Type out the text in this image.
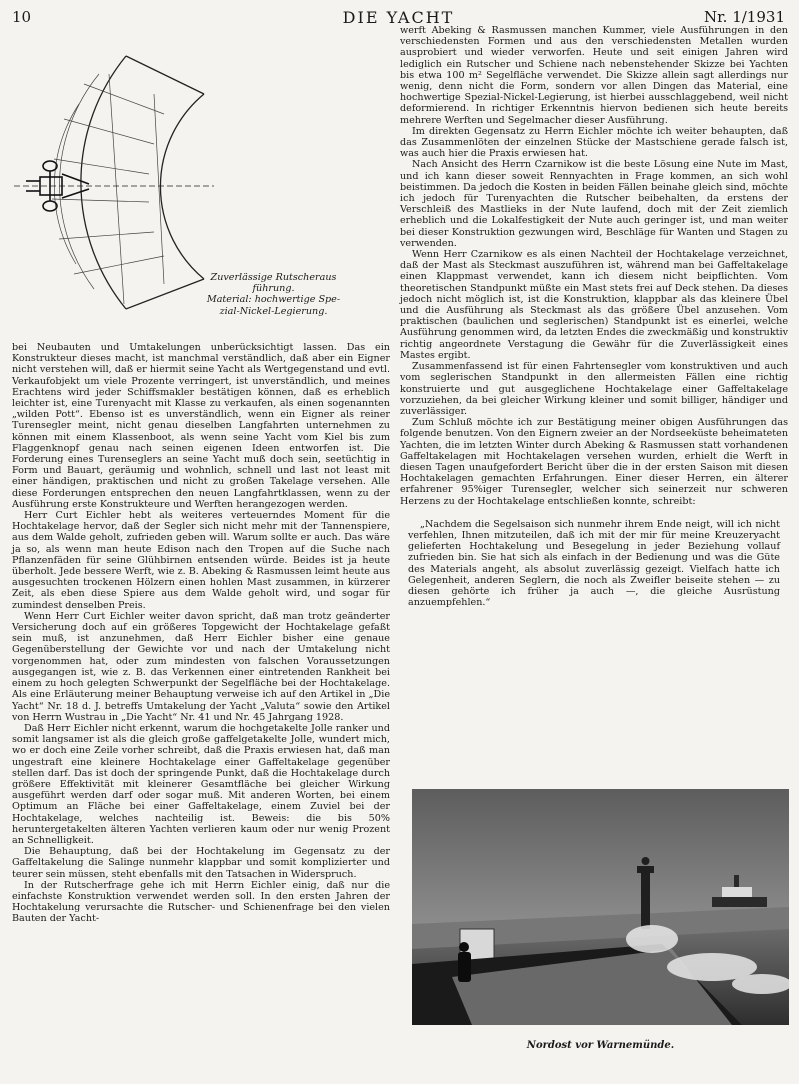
10	DIE YACHT	Nr. 1/1931
Zuverlässige Rutscheraus
führung.
Material: hochwertige Spe-
zial-Nickel-Legierung.

bei Neubauten und Umtakelungen unberücksichtigt lassen. Das ein Konstrukteur dieses macht, ist manchmal verständlich, daß aber ein Eigner nicht verstehen will, daß er hiermit seine Yacht als Wertgegenstand und evtl. Verkaufobjekt um viele Prozente verringert, ist unverständlich, und meines Erachtens wird jeder Schiffsmakler bestätigen können, daß es erheblich leichter ist, eine Turenyacht mit Klasse zu verkaufen, als einen sogenannten „wilden Pott“. Ebenso ist es unverständlich, wenn ein Eigner als reiner Turensegler meint, nicht genau dieselben Langfahrten unternehmen zu können mit einem Klassenboot, als wenn seine Yacht vom Kiel bis zum Flaggenknopf genau nach seinen eigenen Ideen entworfen ist. Die Forderung eines Turenseglers an seine Yacht muß doch sein, seetüchtig in Form und Bauart, geräumig und wohnlich, schnell und last not least mit einer händigen, praktischen und nicht zu großen Takelage versehen. Alle diese Forderungen entsprechen den neuen Langfahrtklassen, wenn zu der Ausführung erste Konstrukteure und Werften herangezogen werden.

Herr Curt Eichler hebt als weiteres verteuerndes Moment für die Hochtakelage hervor, daß der Segler sich nicht mehr mit der Tannenspiere, aus dem Walde geholt, zufrieden geben will. Warum sollte er auch. Das wäre ja so, als wenn man heute Edison nach den Tropen auf die Suche nach Pflanzenfäden für seine Glühbirnen entsenden würde. Beides ist ja heute überholt. Jede bessere Werft, wie z. B. Abeking & Rasmussen leimt heute aus ausgesuchten trockenen Hölzern einen hohlen Mast zusammen, in kürzerer Zeit, als eben diese Spiere aus dem Walde geholt wird, und sogar für zumindest denselben Preis.

Wenn Herr Curt Eichler weiter davon spricht, daß man trotz geänderter Versicherung doch auf ein größeres Topgewicht der Hochtakelage gefaßt sein muß, ist anzunehmen, daß Herr Eichler bisher eine genaue Gegenüberstellung der Gewichte vor und nach der Umtakelung nicht vorgenommen hat, oder zum mindesten von falschen Voraussetzungen ausgegangen ist, wie z. B. das Verkennen einer eintretenden Rankheit bei einem zu hoch gelegten Schwerpunkt der Segelfläche bei der Hochtakelage. Als eine Erläuterung meiner Behauptung verweise ich auf den Artikel in „Die Yacht“ Nr. 18 d. J. betreffs Umtakelung der Yacht „Valuta“ sowie den Artikel von Herrn Wustrau in „Die Yacht“ Nr. 41 und Nr. 45 Jahrgang 1928.

Daß Herr Eichler nicht erkennt, warum die hochgetakelte Jolle ranker und somit langsamer ist als die gleich große gaffelgetakelte Jolle, wundert mich, wo er doch eine Zeile vorher schreibt, daß die Praxis erwiesen hat, daß man ungestraft eine kleinere Hochtakelage einer Gaffeltakelage gegenüber stellen darf. Das ist doch der springende Punkt, daß die Hochtakelage durch größere Effektivität mit kleinerer Gesamtfläche bei gleicher Wirkung ausgeführt werden darf oder sogar muß. Mit anderen Worten, bei einem Optimum an Fläche bei einer Gaffeltakelage, einem Zuviel bei der Hochtakelage, welches nachteilig ist. Beweis: die bis 50% heruntergetakelten älteren Yachten verlieren kaum oder nur wenig Prozent an Schnelligkeit.

Die Behauptung, daß bei der Hochtakelung im Gegensatz zu der Gaffeltakelung die Salinge nunmehr klappbar und somit komplizierter und teurer sein müssen, steht ebenfalls mit den Tatsachen in Widerspruch.

In der Rutscherfrage gehe ich mit Herrn Eichler einig, daß nur die einfachste Konstruktion verwendet werden soll. In den ersten Jahren der Hochtakelung verursachte die Rutscher- und Schienenfrage bei den vielen Bauten der Yacht-

werft Abeking & Rasmussen manchen Kummer, viele Ausführungen in den verschiedensten Formen und aus den verschiedensten Metallen wurden ausprobiert und wieder verworfen. Heute und seit einigen Jahren wird lediglich ein Rutscher und Schiene nach nebenstehender Skizze bei Yachten bis etwa 100 m² Segelfläche verwendet. Die Skizze allein sagt allerdings nur wenig, denn nicht die Form, sondern vor allen Dingen das Material, eine hochwertige Spezial-Nickel-Legierung, ist hierbei ausschlaggebend, weil nicht deformierend. In richtiger Erkenntnis hiervon bedienen sich heute bereits mehrere Werften und Segelmacher dieser Ausführung.

Im direkten Gegensatz zu Herrn Eichler möchte ich weiter behaupten, daß das Zusammenlöten der einzelnen Stücke der Mastschiene gerade falsch ist, was auch hier die Praxis erwiesen hat.

Nach Ansicht des Herrn Czarnikow ist die beste Lösung eine Nute im Mast, und ich kann dieser soweit Rennyachten in Frage kommen, an sich wohl beistimmen. Da jedoch die Kosten in beiden Fällen beinahe gleich sind, möchte ich jedoch für Turenyachten die Rutscher beibehalten, da erstens der Verschleiß des Mastlieks in der Nute laufend, doch mit der Zeit ziemlich erheblich und die Lokalfestigkeit der Nute auch geringer ist, und man weiter bei dieser Konstruktion gezwungen wird, Beschläge für Wanten und Stagen zu verwenden.

Wenn Herr Czarnikow es als einen Nachteil der Hochtakelage verzeichnet, daß der Mast als Steckmast auszuführen ist, während man bei Gaffeltakelage einen Klappmast verwendet, kann ich diesem nicht beipflichten. Vom theoretischen Standpunkt müßte ein Mast stets frei auf Deck stehen. Da dieses jedoch nicht möglich ist, ist die Konstruktion, klappbar als das kleinere Übel und die Ausführung als Steckmast als das größere Übel anzusehen. Vom praktischen (baulichen und seglerischen) Standpunkt ist es einerlei, welche Ausführung genommen wird, da letzten Endes die zweckmäßig und konstruktiv richtig angeordnete Verstagung die Gewähr für die Zuverlässigkeit eines Mastes ergibt.

Zusammenfassend ist für einen Fahrtensegler vom konstruktiven und auch vom seglerischen Standpunkt in den allermeisten Fällen eine richtig konstruierte und gut ausgeglichene Hochtakelage einer Gaffeltakelage vorzuziehen, da bei gleicher Wirkung kleiner und somit billiger, händiger und zuverlässiger.

Zum Schluß möchte ich zur Bestätigung meiner obigen Ausführungen das folgende benutzen. Von den Eignern zweier an der Nordseeküste beheimateten Yachten, die im letzten Winter durch Abeking & Rasmussen statt vorhandenen Gaffeltakelagen mit Hochtakelagen versehen wurden, erhielt die Werft in diesen Tagen unaufgefordert Bericht über die in der ersten Saison mit diesen Hochtakelagen gemachten Erfahrungen. Einer dieser Herren, ein älterer erfahrener 95%iger Turensegler, welcher sich seinerzeit nur schweren Herzens zu der Hochtakelage entschließen konnte, schreibt:

„Nachdem die Segelsaison sich nunmehr ihrem Ende neigt, will ich nicht verfehlen, Ihnen mitzuteilen, daß ich mit der mir für meine Kreuzeryacht gelieferten Hochtakelung und Besegelung in jeder Beziehung vollauf zufrieden bin. Sie hat sich als einfach in der Bedienung und was die Güte des Materials angeht, als absolut zuverlässig gezeigt. Vielfach hatte ich Gelegenheit, anderen Seglern, die noch als Zweifler beiseite stehen — zu diesen gehörte ich früher ja auch —, die gleiche Ausrüstung anzuempfehlen.“

Nordost vor Warnemünde.
